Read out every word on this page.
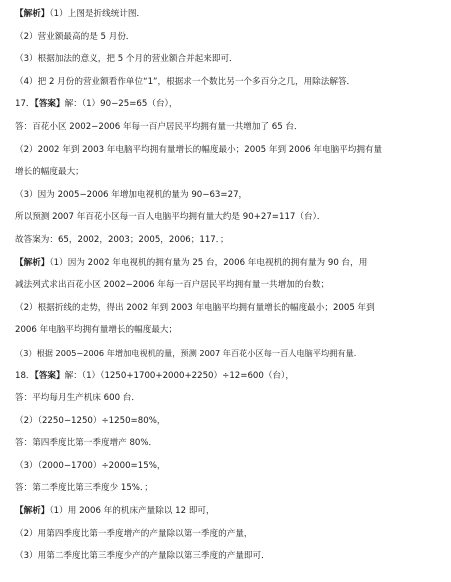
【解析】（1）上图是折线统计图．
（2）营业额最高的是 5 月份．
（3）根据加法的意义，把 5 个月的营业额合并起来即可．
（4）把 2 月份的营业额看作单位“1”，根据求一个数比另一个多百分之几，用除法解答．
17．【答案】解：（1）90−25=65（台），
答：百花小区 2002−2006 年每一百户居民平均拥有量一共增加了 65 台．
（2）2002 年到 2003 年电脑平均拥有量增长的幅度最小；2005 年到 2006 年电脑平均拥有量
增长的幅度最大；
（3）因为 2005−2006 年增加电视机的量为 90−63=27，
所以预测 2007 年百花小区每一百人电脑平均拥有量大约是 90+27=117（台）．
故答案为：65，2002，2003；2005，2006；117．；
【解析】（1）因为 2002 年电视机的拥有量为 25 台，2006 年电视机的拥有量为 90 台，用
减法列式求出百花小区 2002−2006 年每一百户居民平均拥有量一共增加的台数；
（2）根据折线的走势，得出 2002 年到 2003 年电脑平均拥有量增长的幅度最小；2005 年到
2006 年电脑平均拥有量增长的幅度最大；
（3）根据 2005−2006 年增加电视机的量，预测 2007 年百花小区每一百人电脑平均拥有量．
18．【答案】解：（1）（1250+1700+2000+2250）÷12=600（台），
答：平均每月生产机床 600 台．
（2）（2250−1250）÷1250=80%，
答：第四季度比第一季度增产 80%．
（3）（2000−1700）÷2000=15%，
答：第二季度比第三季度少 15%．；
【解析】（1）用 2006 年的机床产量除以 12 即可，
（2）用第四季度比第一季度增产的产量除以第一季度的产量，
（3）用第二季度比第三季度少产的产量除以第三季度的产量即可．
